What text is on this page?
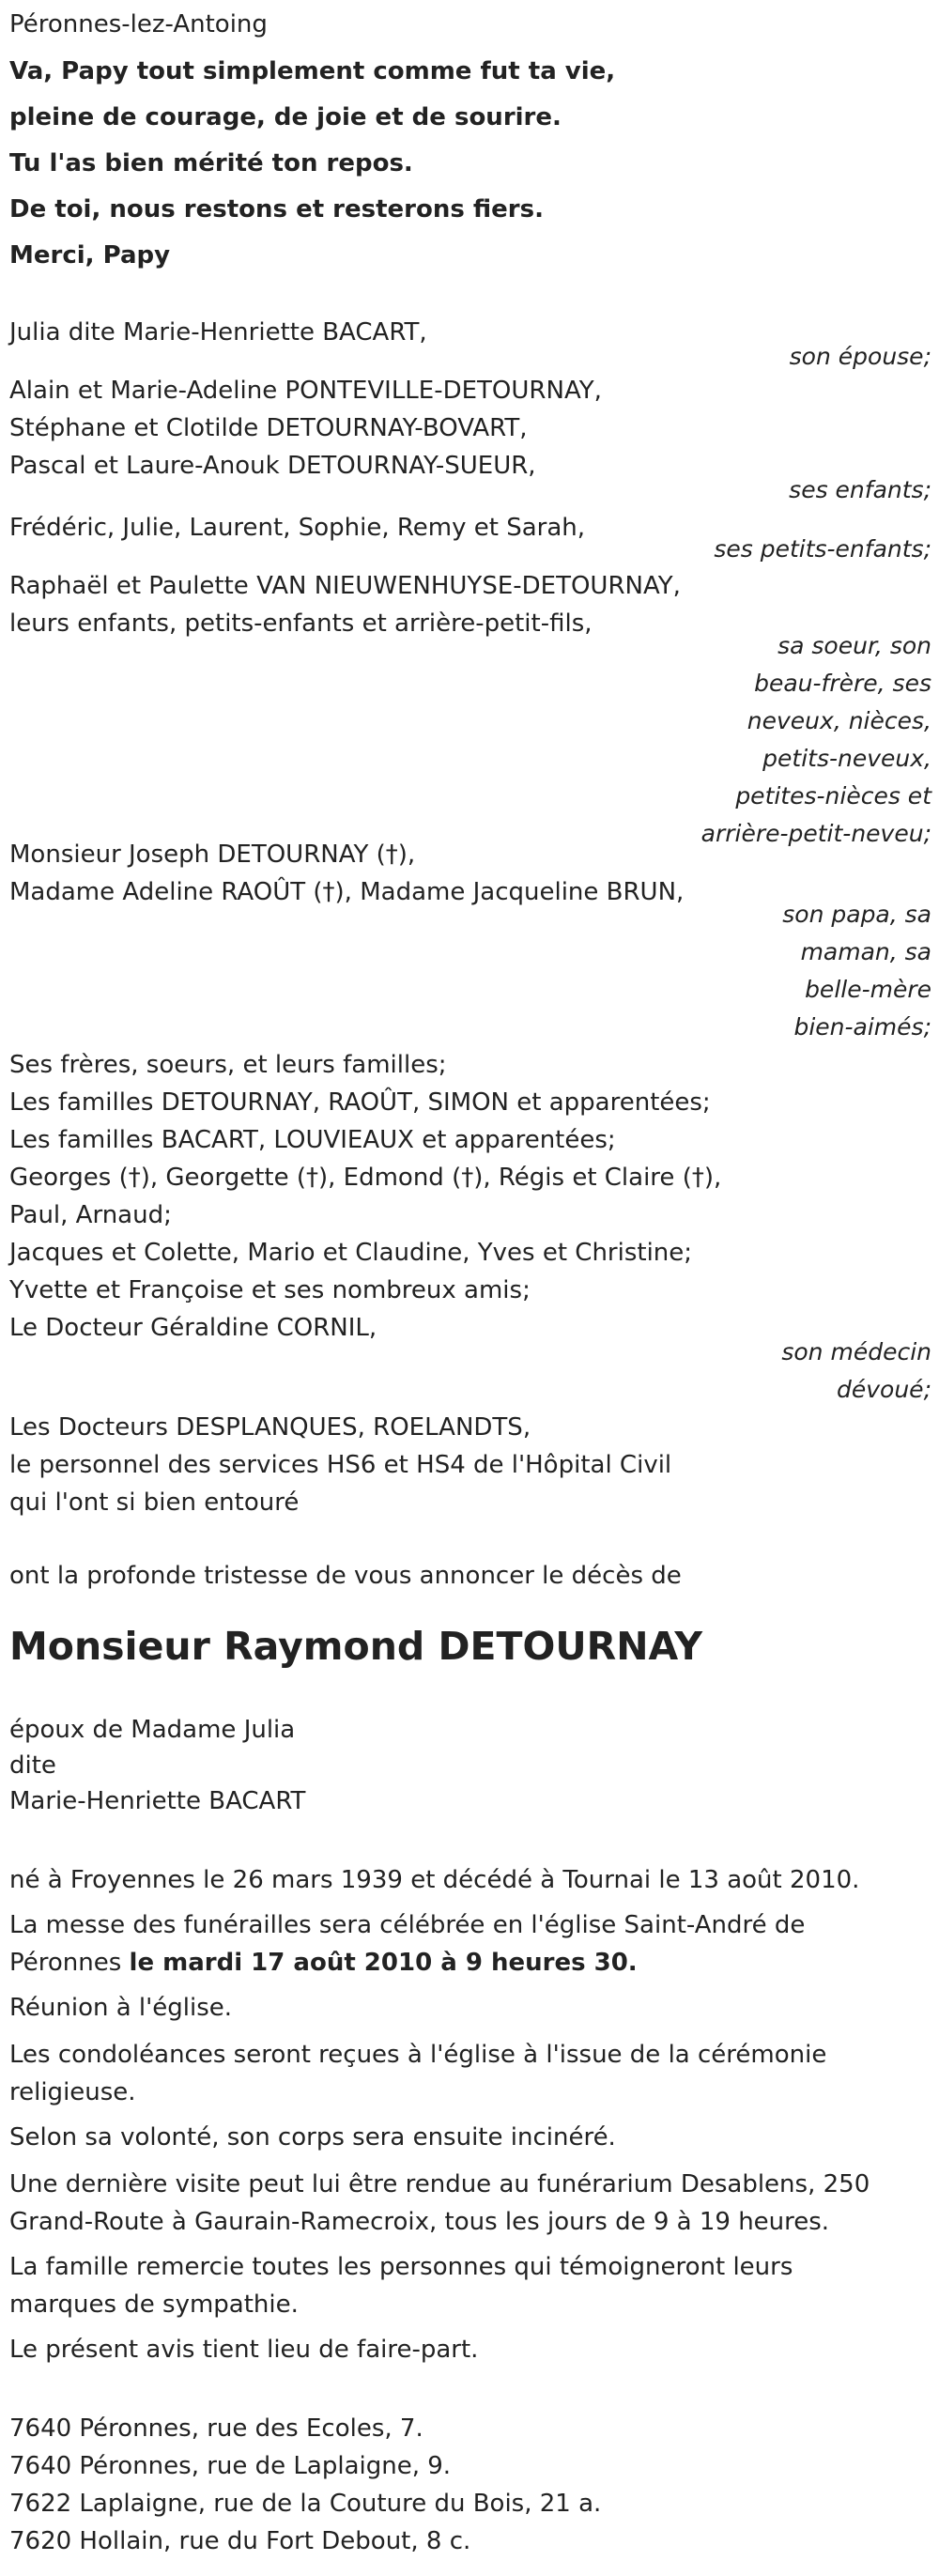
Péronnes-lez-Antoing
Va, Papy tout simplement comme fut ta vie,
pleine de courage, de joie et de sourire.
Tu l'as bien mérité ton repos.
De toi, nous restons et resterons fiers.
Merci, Papy
Julia dite Marie-Henriette BACART,
son épouse;
Alain et Marie-Adeline PONTEVILLE-DETOURNAY,
Stéphane et Clotilde DETOURNAY-BOVART,
Pascal et Laure-Anouk DETOURNAY-SUEUR,
ses enfants;
Frédéric, Julie, Laurent, Sophie, Remy et Sarah,
ses petits-enfants;
Raphaël et Paulette VAN NIEUWENHUYSE-DETOURNAY,
leurs enfants, petits-enfants et arrière-petit-fils,
sa soeur, son
beau-frère, ses
neveux, nièces,
petits-neveux,
petites-nièces et
arrière-petit-neveu;
Monsieur Joseph DETOURNAY (†),
Madame Adeline RAOÛT (†), Madame Jacqueline BRUN,
son papa, sa
maman, sa
belle-mère
bien-aimés;
Ses frères, soeurs, et leurs familles;
Les familles DETOURNAY, RAOÛT, SIMON et apparentées;
Les familles BACART, LOUVIEAUX et apparentées;
Georges (†), Georgette (†), Edmond (†), Régis et Claire (†),
Paul, Arnaud;
Jacques et Colette, Mario et Claudine, Yves et Christine;
Yvette et Françoise et ses nombreux amis;
Le Docteur Géraldine CORNIL,
son médecin
dévoué;
Les Docteurs DESPLANQUES, ROELANDTS,
le personnel des services HS6 et HS4 de l'Hôpital Civil
qui l'ont si bien entouré
ont la profonde tristesse de vous annoncer le décès de
Monsieur Raymond DETOURNAY
époux de Madame Julia
dite
Marie-Henriette BACART
né à Froyennes le 26 mars 1939 et décédé à Tournai le 13 août 2010.
La messe des funérailles sera célébrée en l'église Saint-André de
Péronnes le mardi 17 août 2010 à 9 heures 30.
Réunion à l'église.
Les condoléances seront reçues à l'église à l'issue de la cérémonie
religieuse.
Selon sa volonté, son corps sera ensuite incinéré.
Une dernière visite peut lui être rendue au funérarium Desablens, 250
Grand-Route à Gaurain-Ramecroix, tous les jours de 9 à 19 heures.
La famille remercie toutes les personnes qui témoigneront leurs
marques de sympathie.
Le présent avis tient lieu de faire-part.
7640 Péronnes, rue des Ecoles, 7.
7640 Péronnes, rue de Laplaigne, 9.
7622 Laplaigne, rue de la Couture du Bois, 21 a.
7620 Hollain, rue du Fort Debout, 8 c.
